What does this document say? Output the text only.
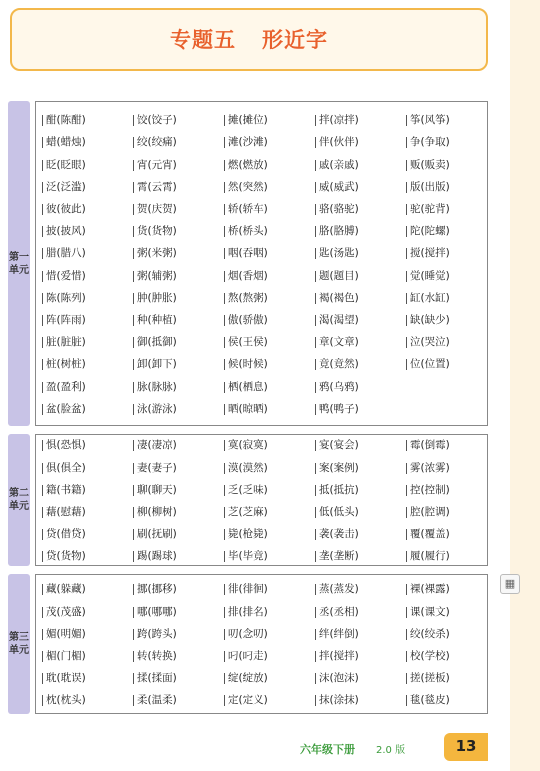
专题五 形近字
第一单元
酣(陈酣)	饺(饺子)	摊(摊位)	拌(凉拌)	筝(风筝)
蜡(蜡烛)	绞(绞痛)	滩(沙滩)	伴(伙伴)	争(争取)
眨(眨眼)	宵(元宵)	燃(燃放)	戚(亲戚)	贩(贩卖)
泛(泛滥)	霄(云霄)	然(突然)	威(威武)	版(出版)
彼(彼此)	贺(庆贺)	轿(轿车)	骆(骆驼)	驼(驼背)
披(披风)	货(货物)	桥(桥头)	胳(胳膊)	陀(陀螺)
腊(腊八)	粥(米粥)	咽(吞咽)	匙(汤匙)	搅(搅拌)
惜(爱惜)	粥(辅粥)	烟(香烟)	题(题目)	觉(睡觉)
陈(陈列)	肿(肿胀)	熬(熬粥)	褐(褐色)	缸(水缸)
阵(阵雨)	种(种植)	傲(骄傲)	渴(渴望)	缺(缺少)
脏(脏脏)	御(抵御)	侯(王侯)	章(文章)	泣(哭泣)
桩(树桩)	卸(卸下)	候(时候)	竟(竟然)	位(位置)
盈(盈利)	脉(脉脉)	栖(栖息)	鸦(乌鸦)
盆(脸盆)	泳(游泳)	晒(晾晒)	鸭(鸭子)
第二单元
惧(恐惧)	凄(凄凉)	寞(寂寞)	宴(宴会)	霉(倒霉)
俱(俱全)	妻(妻子)	漠(漠然)	案(案例)	雾(浓雾)
籍(书籍)	聊(聊天)	乏(乏味)	抵(抵抗)	控(控制)
藉(慰藉)	柳(柳树)	芝(芝麻)	低(低头)	腔(腔调)
贷(借贷)	刷(抚刷)	毙(枪毙)	袭(袭击)	覆(覆盖)
贷(货物)	踢(踢球)	毕(毕竟)	垄(垄断)	履(履行)
第三单元
藏(躲藏)	挪(挪移)	徘(徘徊)	蒸(蒸发)	裸(裸露)
茂(茂盛)	哪(哪哪)	排(排名)	丞(丞相)	课(课文)
媚(明媚)	跨(跨头)	叨(念叨)	绊(绊倒)	绞(绞杀)
楣(门楣)	转(转换)	叼(叼走)	拌(搅拌)	校(学校)
耽(耽误)	揉(揉面)	绽(绽放)	沫(泡沫)	搓(搓板)
枕(枕头)	柔(温柔)	定(定义)	抹(涂抹)	毯(毯皮)
▦
六年级下册 2.0 版	13
